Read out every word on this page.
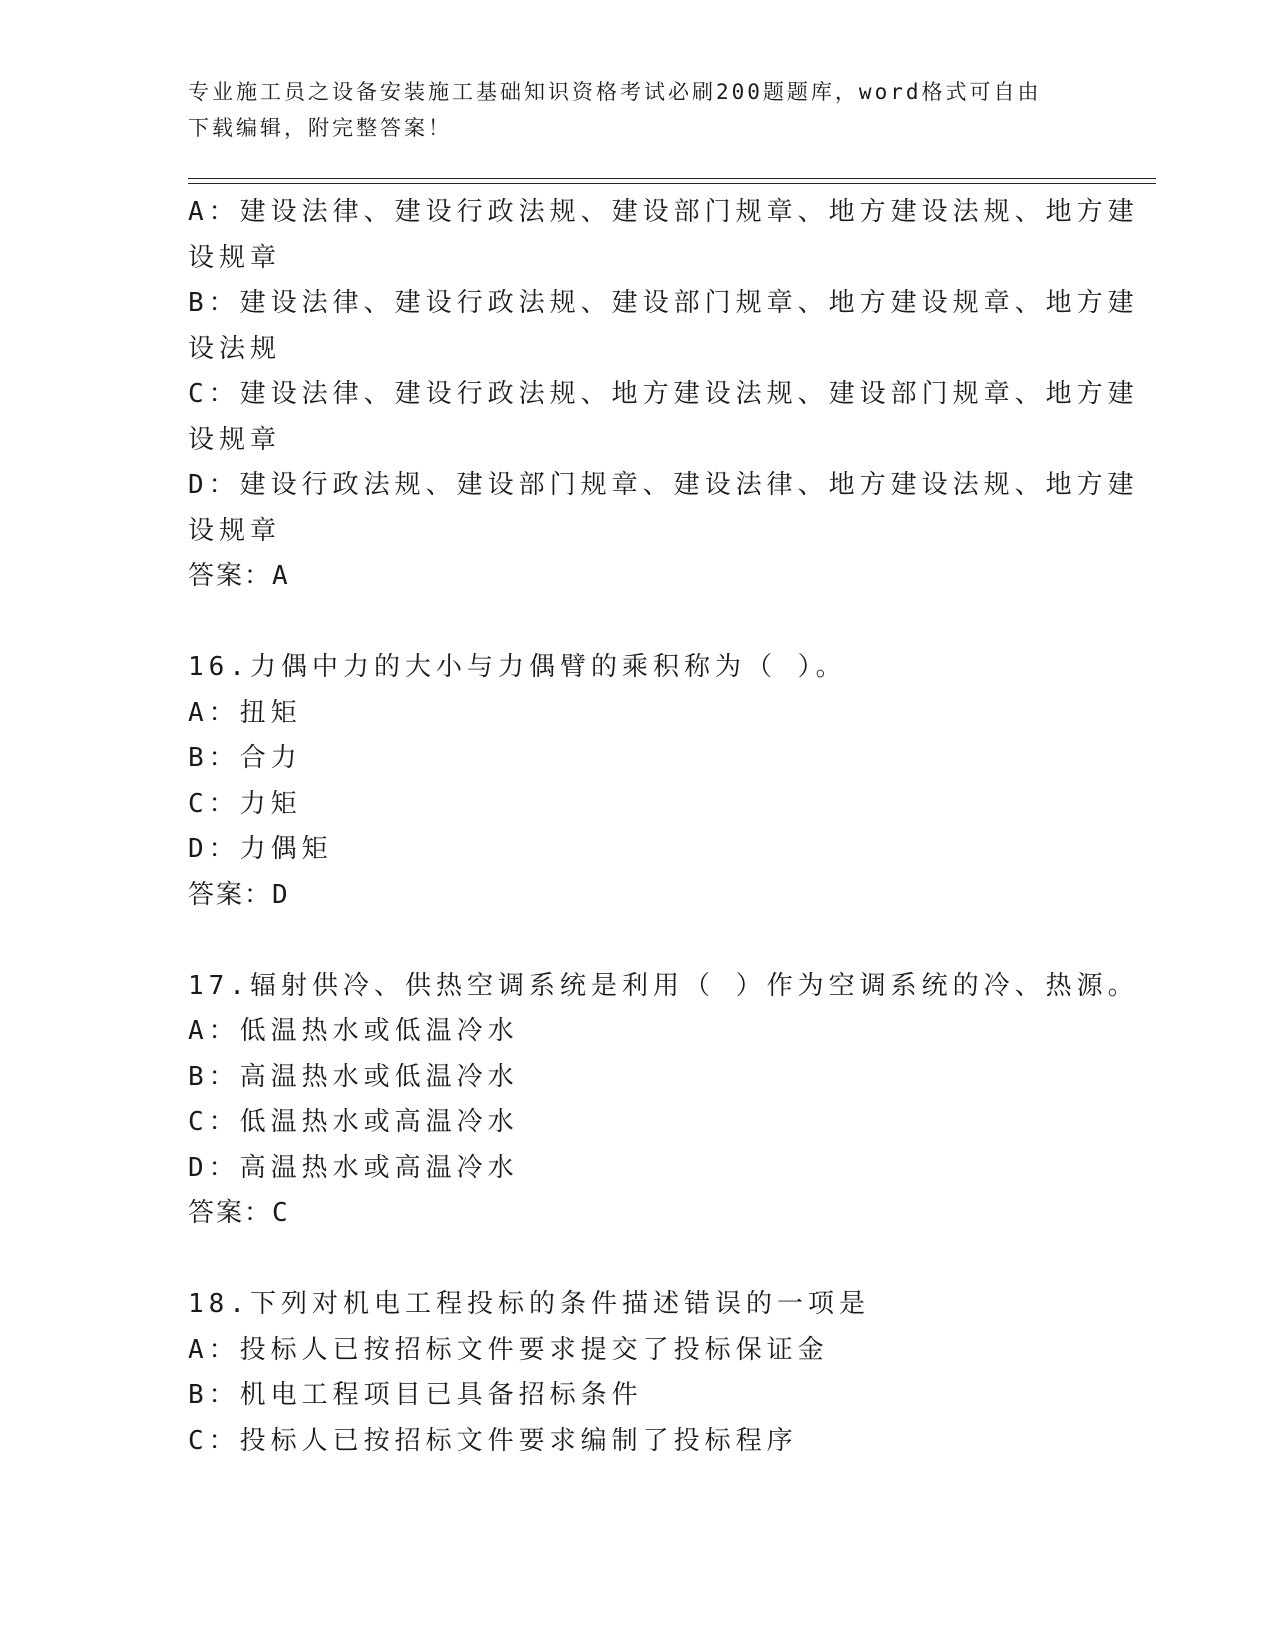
专业施工员之设备安装施工基础知识资格考试必刷200题题库，word格式可自由
下载编辑，附完整答案！
A：建设法律、建设行政法规、建设部门规章、地方建设法规、地方建
设规章
B：建设法律、建设行政法规、建设部门规章、地方建设规章、地方建
设法规
C：建设法律、建设行政法规、地方建设法规、建设部门规章、地方建
设规章
D：建设行政法规、建设部门规章、建设法律、地方建设法规、地方建
设规章
答案：A
16.力偶中力的大小与力偶臂的乘积称为（ ）。
A：扭矩
B：合力
C：力矩
D：力偶矩
答案：D
17.辐射供冷、供热空调系统是利用（ ）作为空调系统的冷、热源。
A：低温热水或低温冷水
B：高温热水或低温冷水
C：低温热水或高温冷水
D：高温热水或高温冷水
答案：C
18.下列对机电工程投标的条件描述错误的一项是
A：投标人已按招标文件要求提交了投标保证金
B：机电工程项目已具备招标条件
C：投标人已按招标文件要求编制了投标程序
